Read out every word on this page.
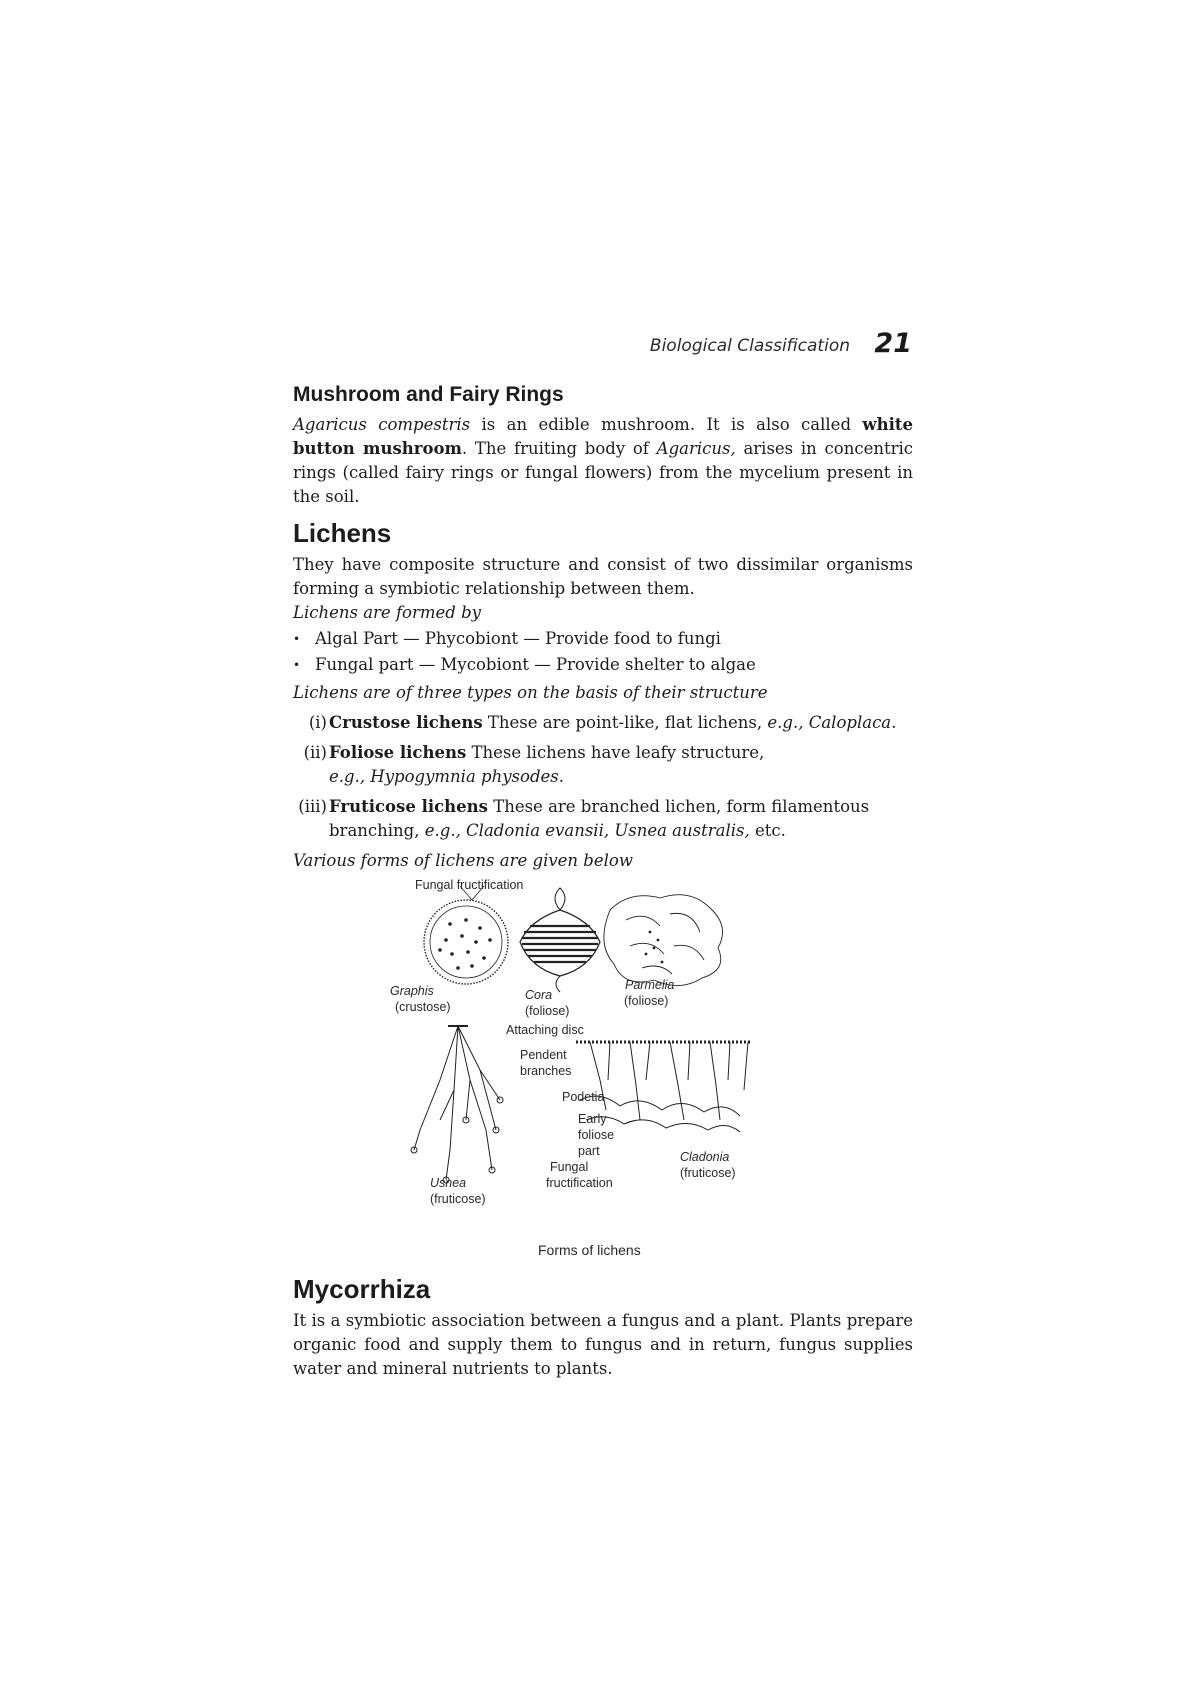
Biological Classification 21
Mushroom and Fairy Rings

Agaricus compestris is an edible mushroom. It is also called white button mushroom. The fruiting body of Agaricus, arises in concentric rings (called fairy rings or fungal flowers) from the mycelium present in the soil.

Lichens

They have composite structure and consist of two dissimilar organisms forming a symbiotic relationship between them.

Lichens are formed by

• Algal Part — Phycobiont — Provide food to fungi
• Fungal part — Mycobiont — Provide shelter to algae

Lichens are of three types on the basis of their structure

(i) Crustose lichens These are point-like, flat lichens, e.g., Caloplaca.
(ii) Foliose lichens These lichens have leafy structure,
e.g., Hypogymnia physodes.
(iii) Fruticose lichens These are branched lichen, form filamentous branching, e.g., Cladonia evansii, Usnea australis, etc.

Various forms of lichens are given below

Fungal fructification
Graphis
(crustose)
Cora
(foliose)
Parmelia
(foliose)
Attaching disc
Pendent
branches
Podetia
Early
foliose
part	Cladonia
(fruticose)
Fungal
fructification
Usnea
(fruticose)
Forms of lichens
Mycorrhiza

It is a symbiotic association between a fungus and a plant. Plants prepare organic food and supply them to fungus and in return, fungus supplies water and mineral nutrients to plants.
